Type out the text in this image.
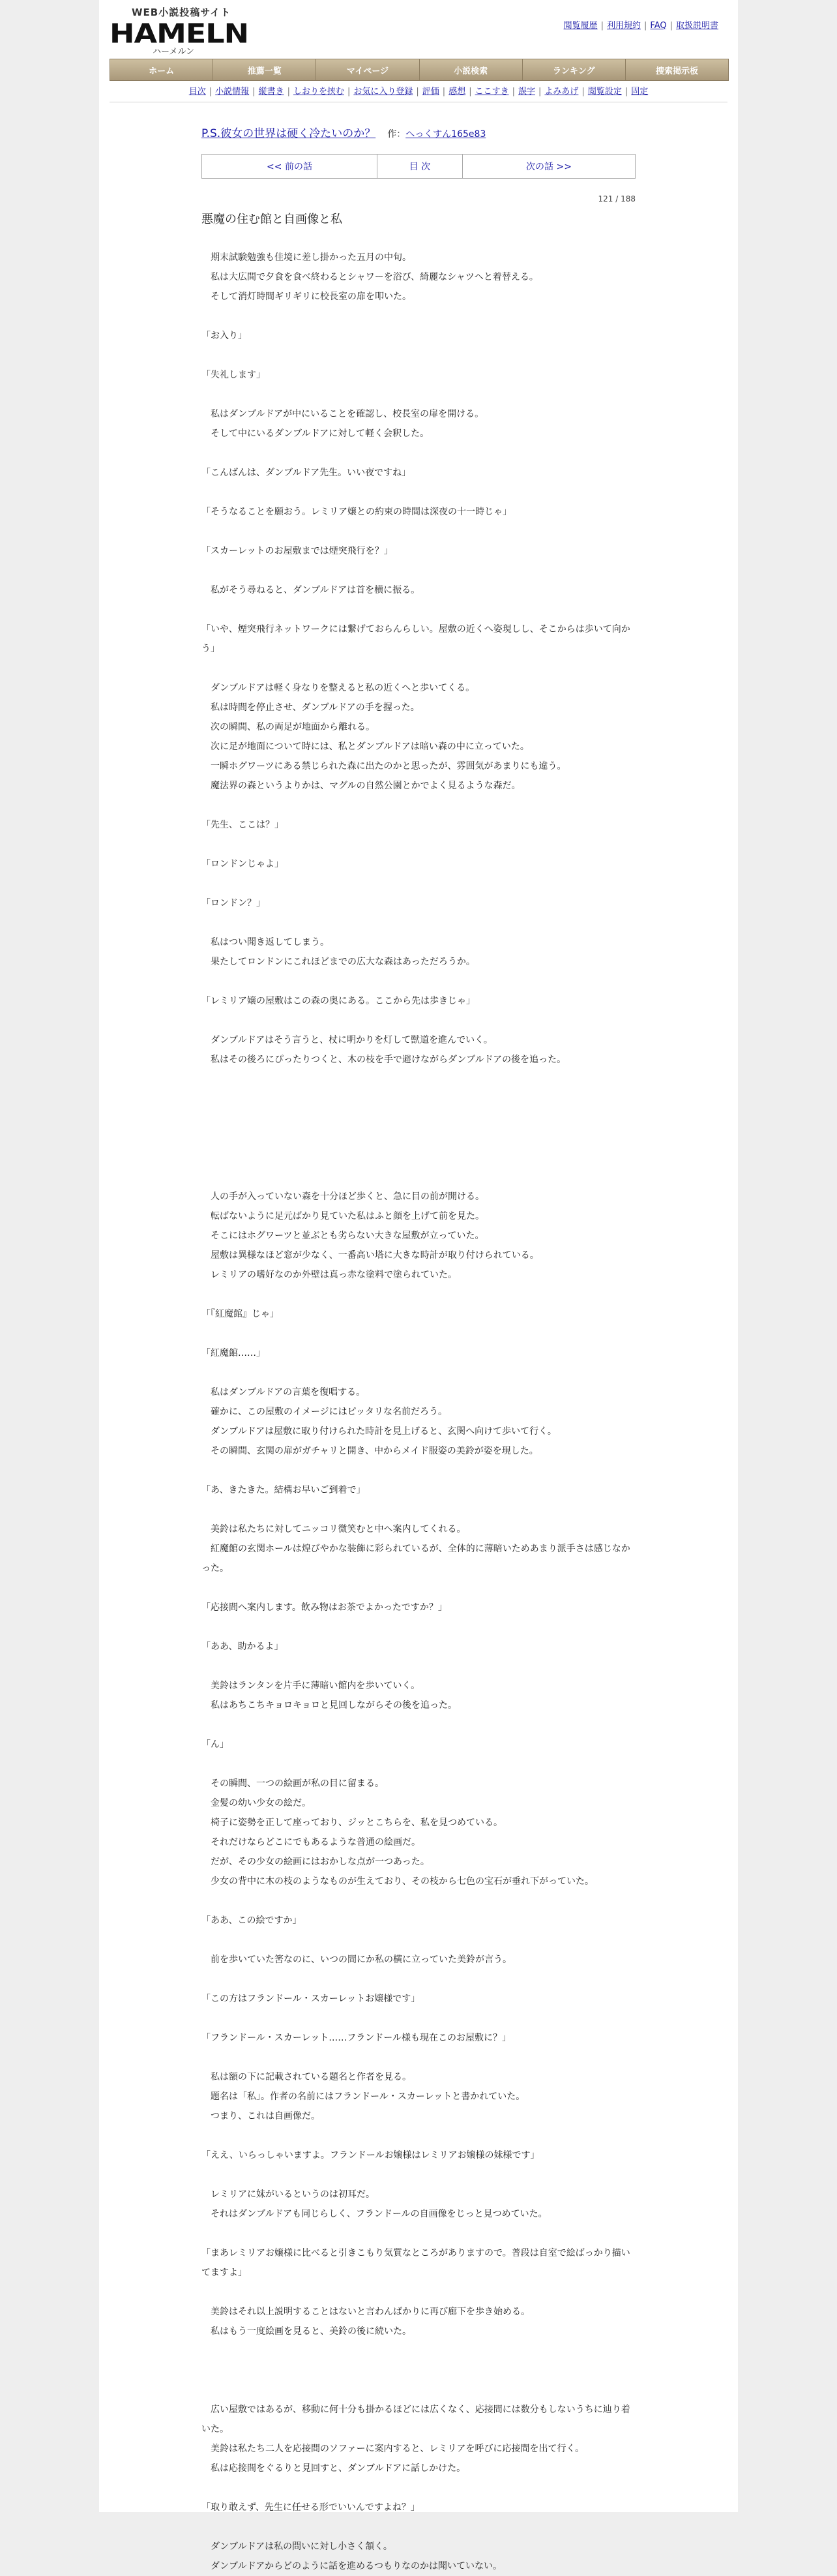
WEB小説投稿サイト
HAMELN
ハーメルン
閲覧履歴 | 利用規約 | FAQ | 取扱説明書
ホーム	推薦一覧	マイページ	小説検索	ランキング	捜索掲示板
目次 | 小説情報 | 縦書き | しおりを挟む | お気に入り登録 | 評価 | 感想 | ここすき | 誤字 | よみあげ | 閲覧設定 | 固定
P.S.彼女の世界は硬く冷たいのか？ 作：へっくすん165e83
<< 前の話	目 次	次の話 >>
121 / 188
悪魔の住む館と自画像と私

　期末試験勉強も佳境に差し掛かった五月の中旬。

　私は大広間で夕食を食べ終わるとシャワーを浴び、綺麗なシャツへと着替える。

　そして消灯時間ギリギリに校長室の扉を叩いた。

「お入り」

「失礼します」

　私はダンブルドアが中にいることを確認し、校長室の扉を開ける。

　そして中にいるダンブルドアに対して軽く会釈した。

「こんばんは、ダンブルドア先生。いい夜ですね」

「そうなることを願おう。レミリア嬢との約束の時間は深夜の十一時じゃ」

「スカーレットのお屋敷までは煙突飛行を？」

　私がそう尋ねると、ダンブルドアは首を横に振る。

「いや、煙突飛行ネットワークには繋げておらんらしい。屋敷の近くへ姿現しし、そこからは歩いて向かう」

　ダンブルドアは軽く身なりを整えると私の近くへと歩いてくる。

　私は時間を停止させ、ダンブルドアの手を握った。

　次の瞬間、私の両足が地面から離れる。

　次に足が地面について時には、私とダンブルドアは暗い森の中に立っていた。

　一瞬ホグワーツにある禁じられた森に出たのかと思ったが、雰囲気があまりにも違う。

　魔法界の森というよりかは、マグルの自然公園とかでよく見るような森だ。

「先生、ここは？」

「ロンドンじゃよ」

「ロンドン？」

　私はつい聞き返してしまう。

　果たしてロンドンにこれほどまでの広大な森はあっただろうか。

「レミリア嬢の屋敷はこの森の奥にある。ここから先は歩きじゃ」

　ダンブルドアはそう言うと、杖に明かりを灯して獣道を進んでいく。

　私はその後ろにぴったりつくと、木の枝を手で避けながらダンブルドアの後を追った。

　人の手が入っていない森を十分ほど歩くと、急に目の前が開ける。

　転ばないように足元ばかり見ていた私はふと顔を上げて前を見た。

　そこにはホグワーツと並ぶとも劣らない大きな屋敷が立っていた。

　屋敷は異様なほど窓が少なく、一番高い塔に大きな時計が取り付けられている。

　レミリアの嗜好なのか外壁は真っ赤な塗料で塗られていた。

「『紅魔館』じゃ」

「紅魔館……」

　私はダンブルドアの言葉を復唱する。

　確かに、この屋敷のイメージにはピッタリな名前だろう。

　ダンブルドアは屋敷に取り付けられた時計を見上げると、玄関へ向けて歩いて行く。

　その瞬間、玄関の扉がガチャリと開き、中からメイド服姿の美鈴が姿を現した。

「あ、きたきた。結構お早いご到着で」

　美鈴は私たちに対してニッコリ微笑むと中へ案内してくれる。

　紅魔館の玄関ホールは煌びやかな装飾に彩られているが、全体的に薄暗いためあまり派手さは感じなかった。

「応接間へ案内します。飲み物はお茶でよかったですか？」

「ああ、助かるよ」

　美鈴はランタンを片手に薄暗い館内を歩いていく。

　私はあちこちキョロキョロと見回しながらその後を追った。

「ん」

　その瞬間、一つの絵画が私の目に留まる。

　金髪の幼い少女の絵だ。

　椅子に姿勢を正して座っており、ジッとこちらを、私を見つめている。

　それだけならどこにでもあるような普通の絵画だ。

　だが、その少女の絵画にはおかしな点が一つあった。

　少女の背中に木の枝のようなものが生えており、その枝から七色の宝石が垂れ下がっていた。

「ああ、この絵ですか」

　前を歩いていた筈なのに、いつの間にか私の横に立っていた美鈴が言う。

「この方はフランドール・スカーレットお嬢様です」

「フランドール・スカーレット……フランドール様も現在このお屋敷に？」

　私は額の下に記載されている題名と作者を見る。

　題名は「私」。作者の名前にはフランドール・スカーレットと書かれていた。

　つまり、これは自画像だ。

「ええ、いらっしゃいますよ。フランドールお嬢様はレミリアお嬢様の妹様です」

　レミリアに妹がいるというのは初耳だ。

　それはダンブルドアも同じらしく、フランドールの自画像をじっと見つめていた。

「まあレミリアお嬢様に比べると引きこもり気質なところがありますので。普段は自室で絵ばっかり描いてますよ」

　美鈴はそれ以上説明することはないと言わんばかりに再び廊下を歩き始める。

　私はもう一度絵画を見ると、美鈴の後に続いた。

　広い屋敷ではあるが、移動に何十分も掛かるほどには広くなく、応接間には数分もしないうちに辿り着いた。

　美鈴は私たち二人を応接間のソファーに案内すると、レミリアを呼びに応接間を出て行く。

　私は応接間をぐるりと見回すと、ダンブルドアに話しかけた。

「取り敢えず、先生に任せる形でいいんですよね？」

　ダンブルドアは私の問いに対し小さく頷く。

　ダンブルドアからどのように話を進めるつもりなのかは聞いていない。
